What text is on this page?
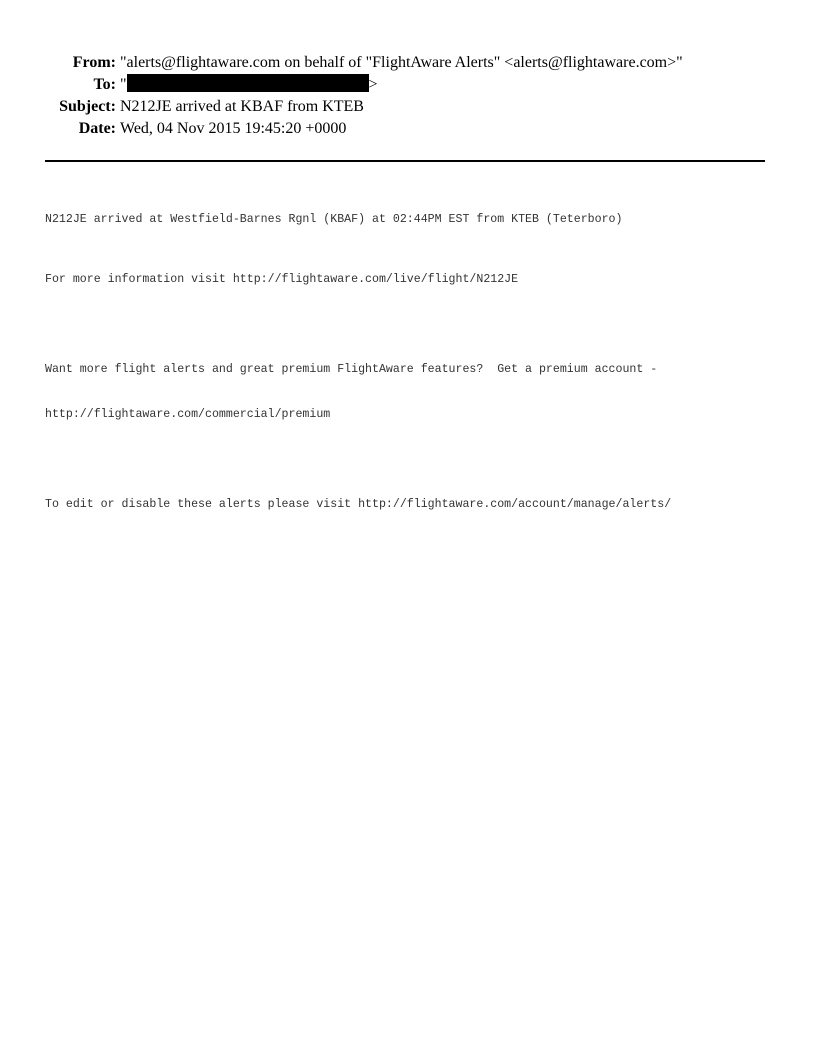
From: "alerts@flightaware.com on behalf of "FlightAware Alerts" <alerts@flightaware.com>"
To: "	>
Subject: N212JE arrived at KBAF from KTEB
Date: Wed, 04 Nov 2015 19:45:20 +0000

N212JE arrived at Westfield-Barnes Rgnl (KBAF) at 02:44PM EST from KTEB (Teterboro)

For more information visit http://flightaware.com/live/flight/N212JE

Want more flight alerts and great premium FlightAware features?  Get a premium account -

http://flightaware.com/commercial/premium

To edit or disable these alerts please visit http://flightaware.com/account/manage/alerts/
